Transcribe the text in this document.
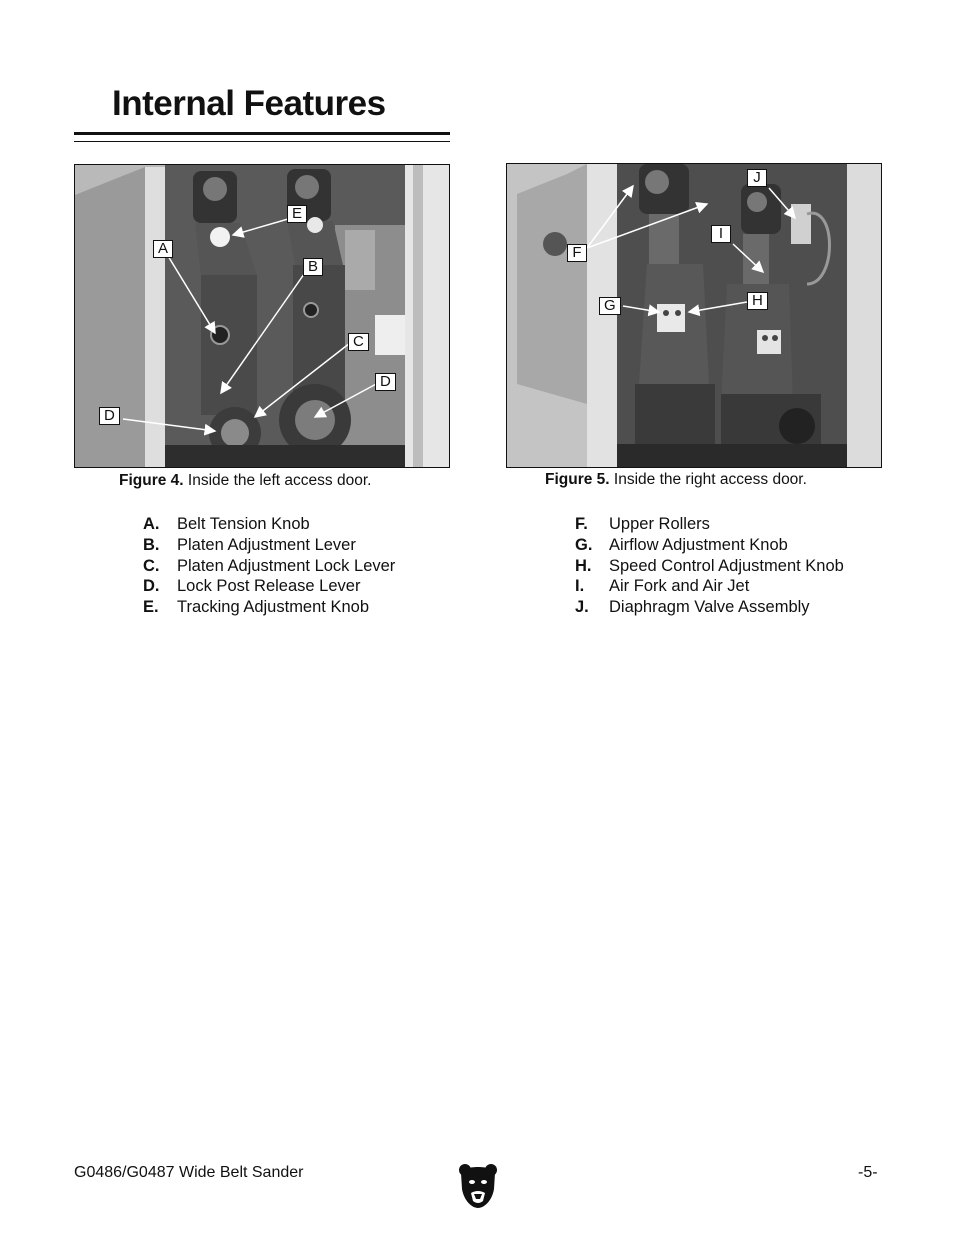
Internal Features
A
E
B
C
D
D
Figure 4. Inside the left access door.
A. Belt Tension Knob
B. Platen Adjustment Lever
C. Platen Adjustment Lock Lever
D. Lock Post Release Lever
E. Tracking Adjustment Knob
J
I
F
H
G
Figure 5. Inside the right access door.
F. Upper Rollers
G. Airflow Adjustment Knob
H. Speed Control Adjustment Knob
I. Air Fork and Air Jet
J. Diaphragm Valve Assembly
G0486/G0487 Wide Belt Sander	-5-
